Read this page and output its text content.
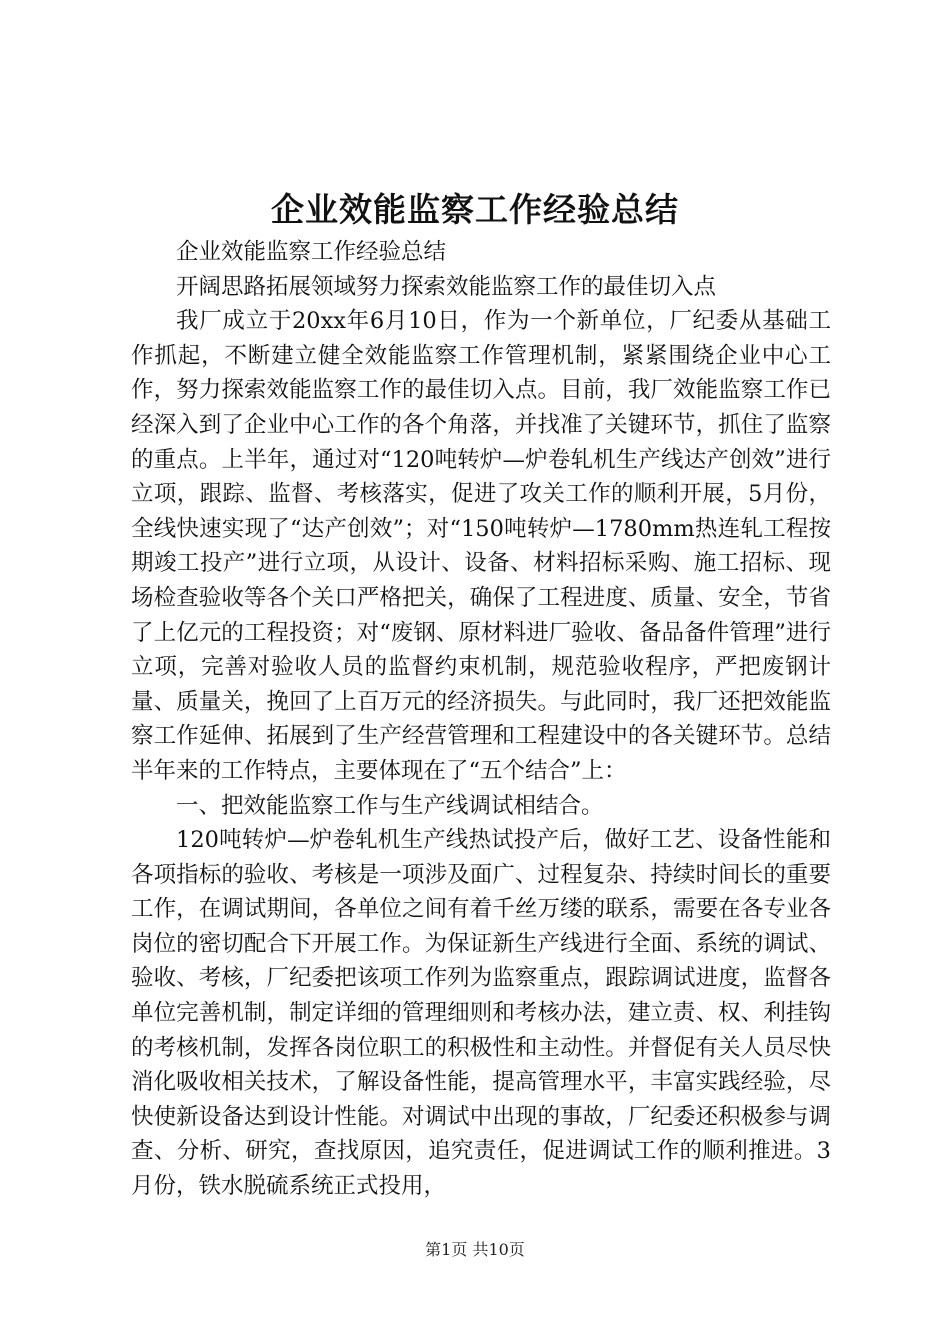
企业效能监察工作经验总结

企业效能监察工作经验总结

开阔思路拓展领域努力探索效能监察工作的最佳切入点

我厂成立于20xx年6月10日，作为一个新单位，厂纪委从基础工作抓起，不断建立健全效能监察工作管理机制，紧紧围绕企业中心工作，努力探索效能监察工作的最佳切入点。目前，我厂效能监察工作已经深入到了企业中心工作的各个角落，并找准了关键环节，抓住了监察的重点。上半年，通过对“120吨转炉—炉卷轧机生产线达产创效”进行立项，跟踪、监督、考核落实，促进了攻关工作的顺利开展，5月份，全线快速实现了“达产创效”；对“150吨转炉—1780mm热连轧工程按期竣工投产”进行立项，从设计、设备、材料招标采购、施工招标、现场检查验收等各个关口严格把关，确保了工程进度、质量、安全，节省了上亿元的工程投资；对“废钢、原材料进厂验收、备品备件管理”进行立项，完善对验收人员的监督约束机制，规范验收程序，严把废钢计量、质量关，挽回了上百万元的经济损失。与此同时，我厂还把效能监察工作延伸、拓展到了生产经营管理和工程建设中的各关键环节。总结半年来的工作特点，主要体现在了“五个结合”上：

一、把效能监察工作与生产线调试相结合。

120吨转炉—炉卷轧机生产线热试投产后，做好工艺、设备性能和各项指标的验收、考核是一项涉及面广、过程复杂、持续时间长的重要工作，在调试期间，各单位之间有着千丝万缕的联系，需要在各专业各岗位的密切配合下开展工作。为保证新生产线进行全面、系统的调试、验收、考核，厂纪委把该项工作列为监察重点，跟踪调试进度，监督各单位完善机制，制定详细的管理细则和考核办法，建立责、权、利挂钩的考核机制，发挥各岗位职工的积极性和主动性。并督促有关人员尽快消化吸收相关技术，了解设备性能，提高管理水平，丰富实践经验，尽快使新设备达到设计性能。对调试中出现的事故，厂纪委还积极参与调查、分析、研究，查找原因，追究责任，促进调试工作的顺利推进。3月份，铁水脱硫系统正式投用，

第1页 共10页
